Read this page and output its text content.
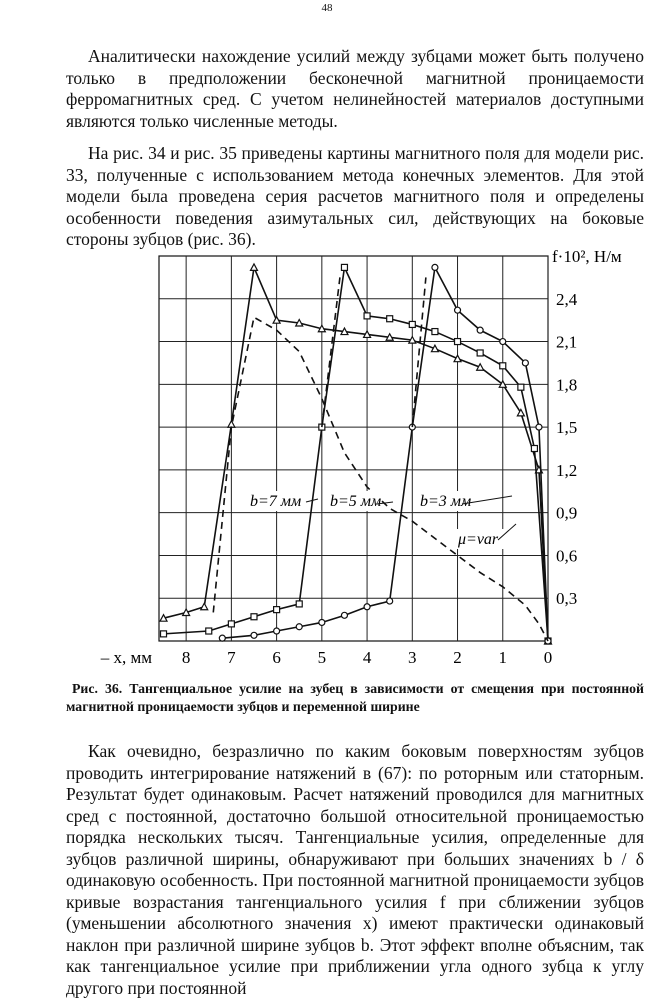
48

Аналитически нахождение усилий между зубцами может быть получено только в предположении бесконечной магнитной проницаемости ферромагнитных сред. С учетом нелинейностей материалов доступными являются только численные методы.

На рис. 34 и рис. 35 приведены картины магнитного поля для модели рис. 33, полученные с использованием метода конечных элементов. Для этой модели была проведена серия расчетов магнитного поля и определены особенности поведения азимутальных сил, действующих на боковые стороны зубцов (рис. 36).

8 7 6 5 4 3 2 1 0
0,3
0,6
0,9
1,2
1,5
1,8
2,1
2,4
f·10², Н/м
– x, мм
b=7 мм b=5 мм b=3 мм
μ=var

Рис. 36. Тангенциальное усилие на зубец в зависимости от смещения при постоянной магнитной проницаемости зубцов и переменной ширине

Как очевидно, безразлично по каким боковым поверхностям зубцов проводить интегрирование натяжений в (67): по роторным или статорным. Результат будет одинаковым. Расчет натяжений проводился для магнитных сред с постоянной, достаточно большой относительной проницаемостью порядка нескольких тысяч. Тангенциальные усилия, определенные для зубцов различной ширины, обнаруживают при больших значениях b / δ одинаковую особенность. При постоянной магнитной проницаемости зубцов кривые возрастания тангенциального усилия f при сближении зубцов (уменьшении абсолютного значения x) имеют практически одинаковый наклон при различной ширине зубцов b. Этот эффект вполне объясним, так как тангенциальное усилие при приближении угла одного зубца к углу другого при постоянной
